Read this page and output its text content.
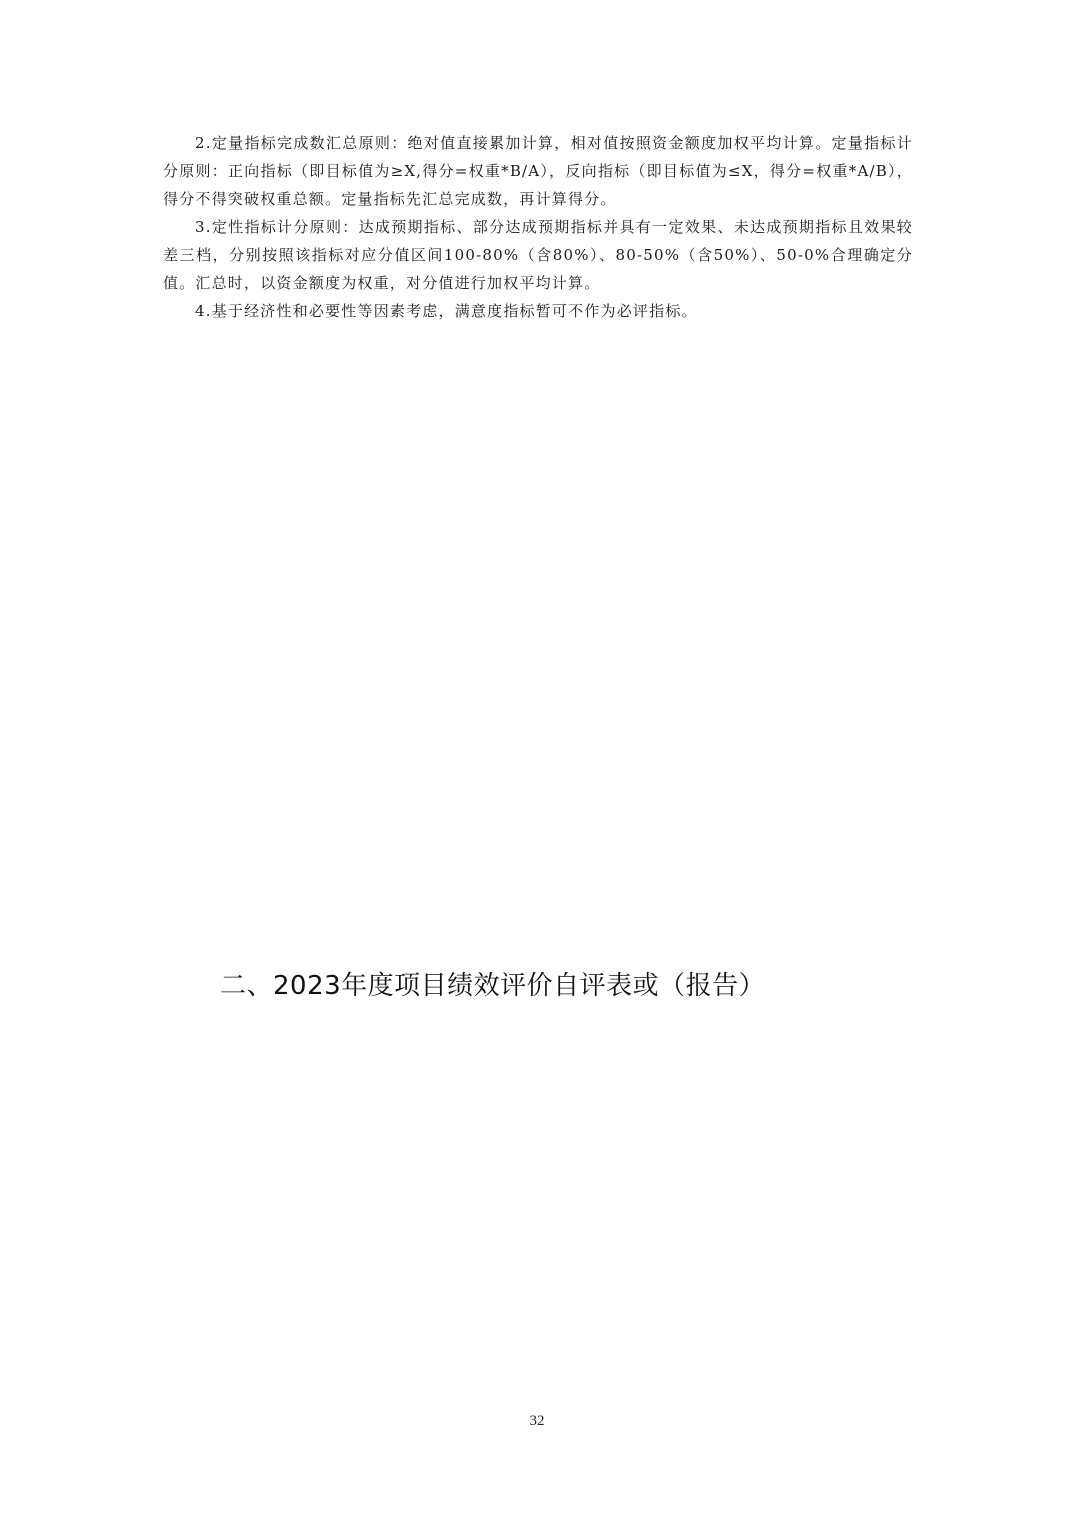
2.定量指标完成数汇总原则：绝对值直接累加计算，相对值按照资金额度加权平均计算。定量指标计分原则：正向指标（即目标值为≥X,得分=权重*B/A），反向指标（即目标值为≤X，得分=权重*A/B），得分不得突破权重总额。定量指标先汇总完成数，再计算得分。

3.定性指标计分原则：达成预期指标、部分达成预期指标并具有一定效果、未达成预期指标且效果较差三档，分别按照该指标对应分值区间100-80%（含80%）、80-50%（含50%）、50-0%合理确定分值。汇总时，以资金额度为权重，对分值进行加权平均计算。

4.基于经济性和必要性等因素考虑，满意度指标暂可不作为必评指标。

二、2023年度项目绩效评价自评表或（报告）
32
